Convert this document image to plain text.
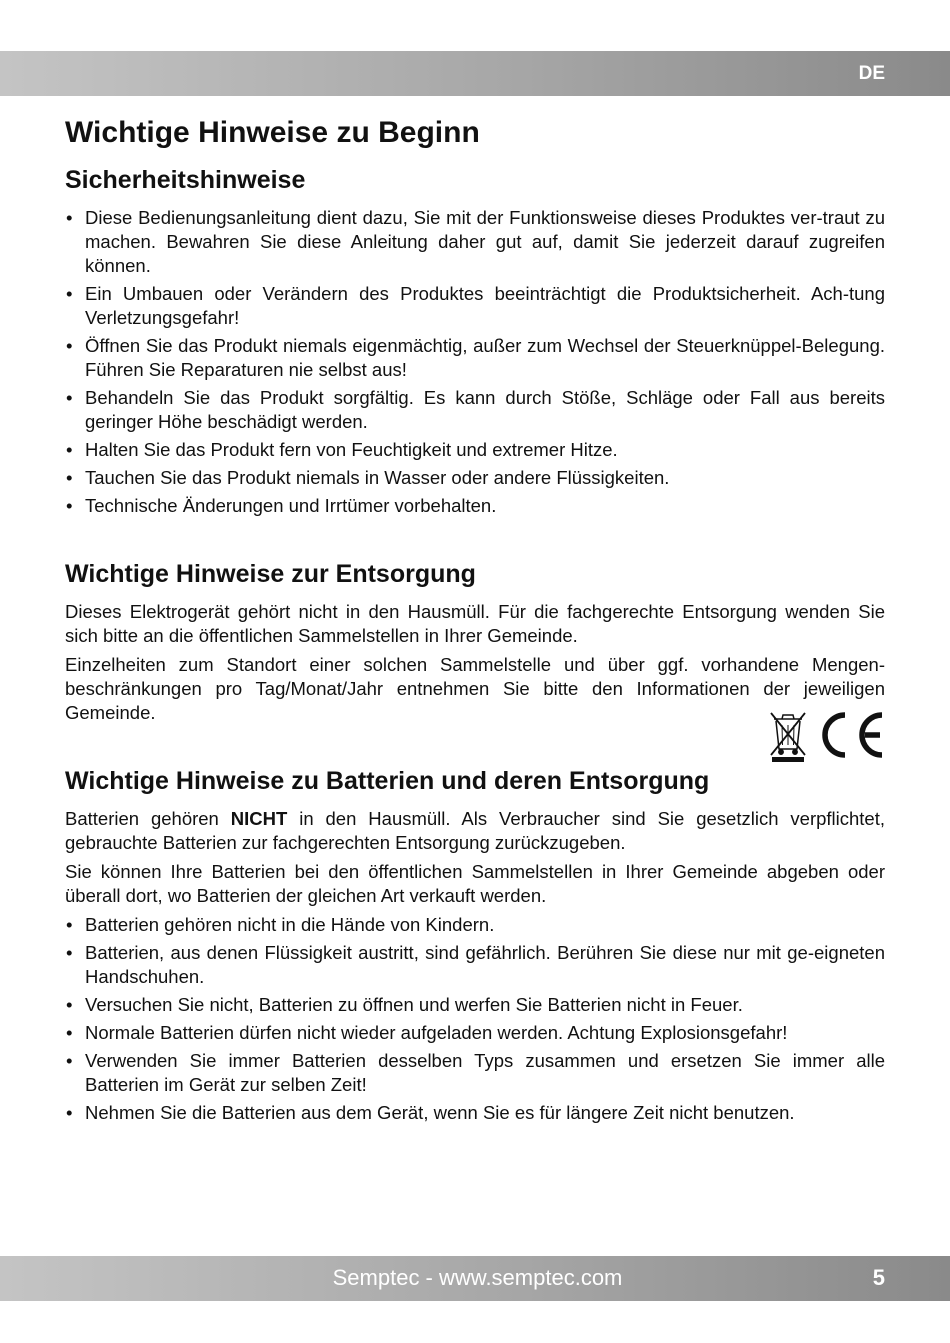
DE
Wichtige Hinweise zu Beginn
Sicherheitshinweise
• Diese Bedienungsanleitung dient dazu, Sie mit der Funktionsweise dieses Produktes ver-traut zu machen. Bewahren Sie diese Anleitung daher gut auf, damit Sie jederzeit darauf zugreifen können.
• Ein Umbauen oder Verändern des Produktes beeinträchtigt die Produktsicherheit. Ach-tung Verletzungsgefahr!
• Öffnen Sie das Produkt niemals eigenmächtig, außer zum Wechsel der Steuerknüppel-Belegung. Führen Sie Reparaturen nie selbst aus!
• Behandeln Sie das Produkt sorgfältig. Es kann durch Stöße, Schläge oder Fall aus bereits geringer Höhe beschädigt werden.
• Halten Sie das Produkt fern von Feuchtigkeit und extremer Hitze.
• Tauchen Sie das Produkt niemals in Wasser oder andere Flüssigkeiten.
• Technische Änderungen und Irrtümer vorbehalten.
Wichtige Hinweise zur Entsorgung

Dieses Elektrogerät gehört nicht in den Hausmüll. Für die fachgerechte Entsorgung wenden Sie sich bitte an die öffentlichen Sammelstellen in Ihrer Gemeinde.

Einzelheiten zum Standort einer solchen Sammelstelle und über ggf. vorhandene Mengen-beschränkungen pro Tag/Monat/Jahr entnehmen Sie bitte den Informationen der jeweiligen Gemeinde.

Wichtige Hinweise zu Batterien und deren Entsorgung

Batterien gehören NICHT in den Hausmüll. Als Verbraucher sind Sie gesetzlich verpflichtet, gebrauchte Batterien zur fachgerechten Entsorgung zurückzugeben.

Sie können Ihre Batterien bei den öffentlichen Sammelstellen in Ihrer Gemeinde abgeben oder überall dort, wo Batterien der gleichen Art verkauft werden.

• Batterien gehören nicht in die Hände von Kindern.
• Batterien, aus denen Flüssigkeit austritt, sind gefährlich. Berühren Sie diese nur mit ge-eigneten Handschuhen.
• Versuchen Sie nicht, Batterien zu öffnen und werfen Sie Batterien nicht in Feuer.
• Normale Batterien dürfen nicht wieder aufgeladen werden. Achtung Explosionsgefahr!
• Verwenden Sie immer Batterien desselben Typs zusammen und ersetzen Sie immer alle Batterien im Gerät zur selben Zeit!
• Nehmen Sie die Batterien aus dem Gerät, wenn Sie es für längere Zeit nicht benutzen.
Semptec - www.semptec.com	5
